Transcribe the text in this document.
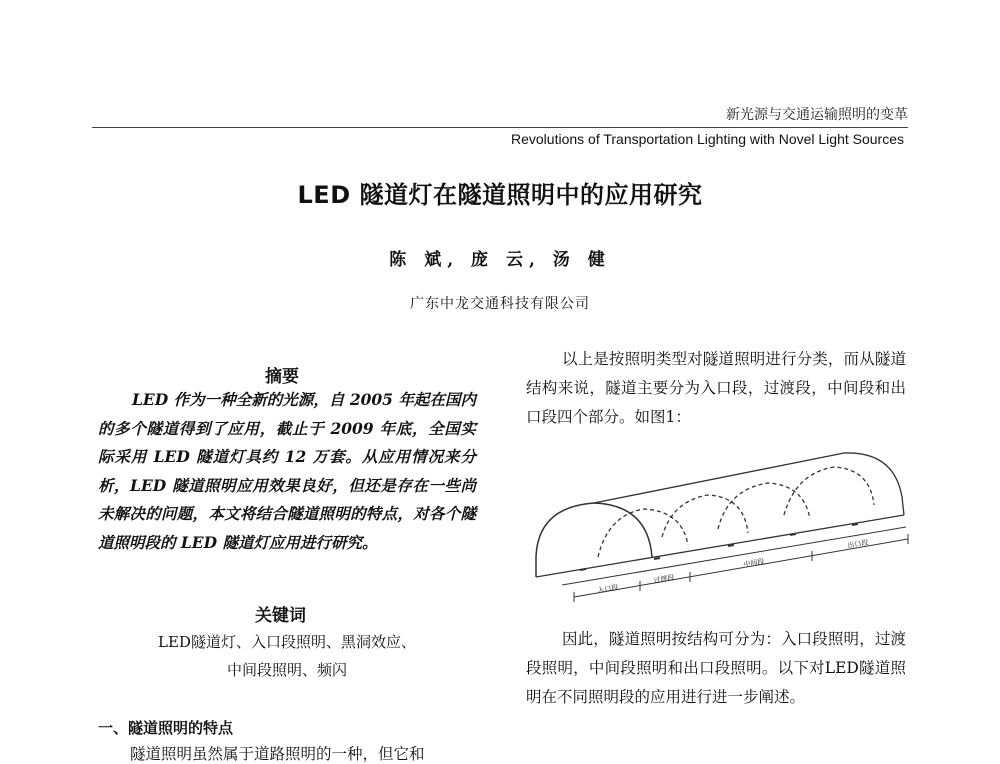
新光源与交通运输照明的变革
Revolutions of Transportation Lighting with Novel Light Sources
LED 隧道灯在隧道照明中的应用研究
陈 斌, 庞 云, 汤 健
广东中龙交通科技有限公司
摘要
LED 作为一种全新的光源，自 2005 年起在国内的多个隧道得到了应用，截止于 2009 年底，全国实际采用 LED 隧道灯具约 12 万套。从应用情况来分析，LED 隧道照明应用效果良好，但还是存在一些尚未解决的问题，本文将结合隧道照明的特点，对各个隧道照明段的 LED 隧道灯应用进行研究。
关键词
LED隧道灯、入口段照明、黑洞效应、
中间段照明、频闪
一、隧道照明的特点
隧道照明虽然属于道路照明的一种，但它和
以上是按照明类型对隧道照明进行分类，而从隧道结构来说，隧道主要分为入口段，过渡段，中间段和出口段四个部分。如图1：
入口段
过渡段
中间段
出口段
因此，隧道照明按结构可分为：入口段照明，过渡段照明，中间段照明和出口段照明。以下对LED隧道照明在不同照明段的应用进行进一步阐述。
